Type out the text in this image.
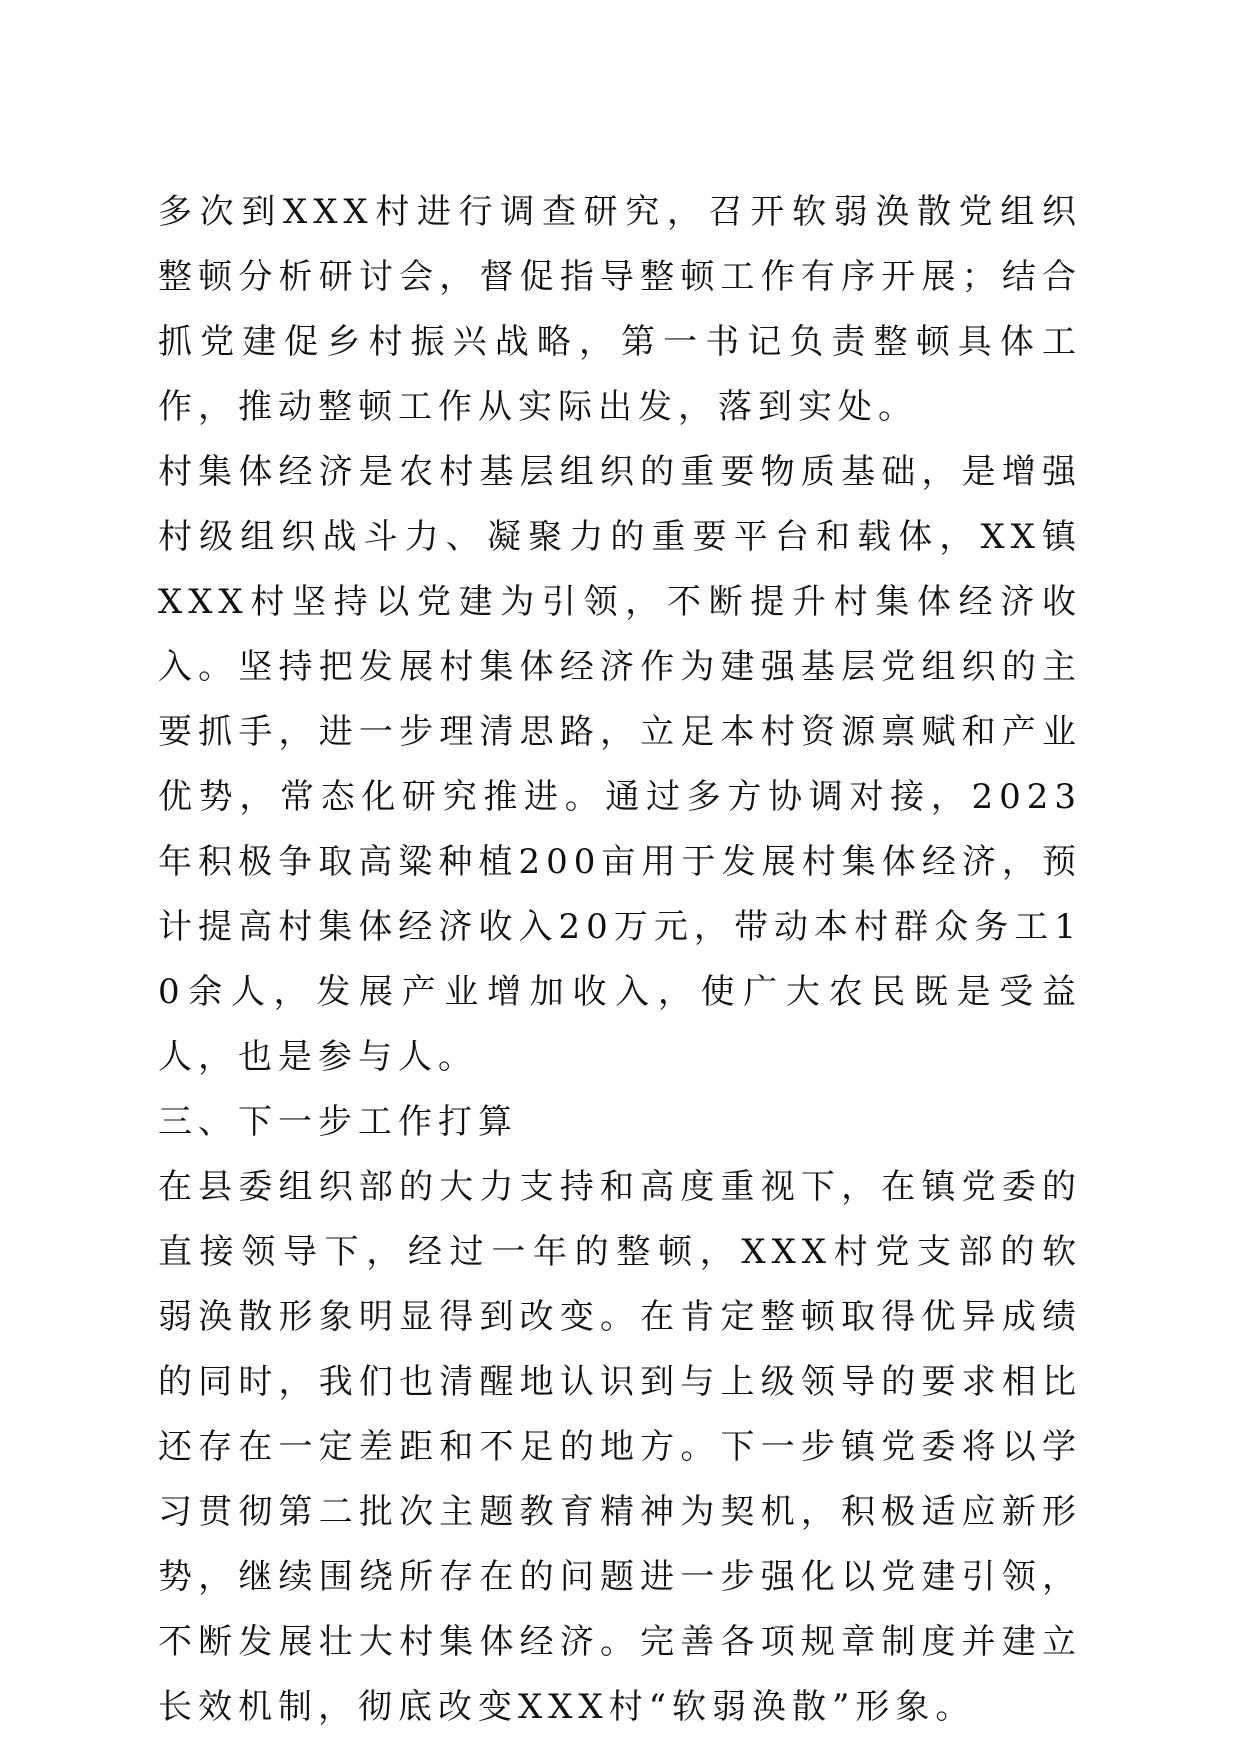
多次到XXX村进行调查研究，召开软弱涣散党组织整顿分析研讨会，督促指导整顿工作有序开展；结合抓党建促乡村振兴战略，第一书记负责整顿具体工作，推动整顿工作从实际出发，落到实处。

村集体经济是农村基层组织的重要物质基础，是增强村级组织战斗力、凝聚力的重要平台和载体，XX镇XXX村坚持以党建为引领，不断提升村集体经济收入。坚持把发展村集体经济作为建强基层党组织的主要抓手，进一步理清思路，立足本村资源禀赋和产业优势，常态化研究推进。通过多方协调对接，2023年积极争取高粱种植200亩用于发展村集体经济，预计提高村集体经济收入20万元，带动本村群众务工10余人，发展产业增加收入，使广大农民既是受益人，也是参与人。

三、下一步工作打算

在县委组织部的大力支持和高度重视下，在镇党委的直接领导下，经过一年的整顿，XXX村党支部的软弱涣散形象明显得到改变。在肯定整顿取得优异成绩的同时，我们也清醒地认识到与上级领导的要求相比还存在一定差距和不足的地方。下一步镇党委将以学习贯彻第二批次主题教育精神为契机，积极适应新形势，继续围绕所存在的问题进一步强化以党建引领，不断发展壮大村集体经济。完善各项规章制度并建立长效机制，彻底改变XXX村“软弱涣散”形象。
